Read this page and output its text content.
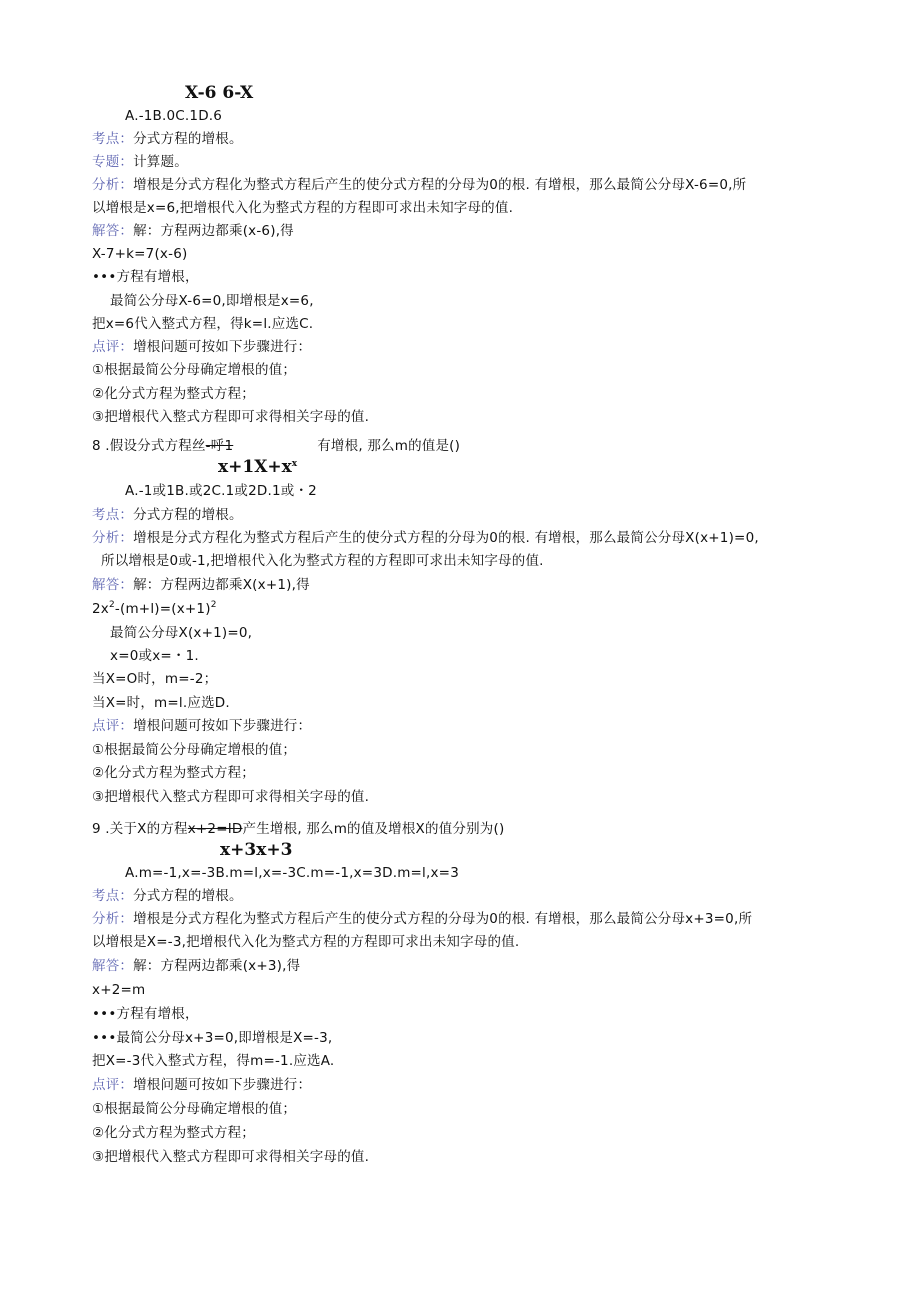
X-6 6-X
A.-1B.0C.1D.6
考点：分式方程的增根。
专题：计算题。
分析：增根是分式方程化为整式方程后产生的使分式方程的分母为0的根. 有增根，那么最简公分母X-6=0,所
以增根是x=6,把增根代入化为整式方程的方程即可求出未知字母的值.
解答：解：方程两边都乘(x-6),得
X-7+k=7(x-6)
•••方程有增根，
最简公分母X-6=0,即增根是x=6,
把x=6代入整式方程，得k=l.应选C.
点评：增根问题可按如下步骤进行：
①根据最简公分母确定增根的值；
②化分式方程为整式方程；
③把增根代入整式方程即可求得相关字母的值.
8 .假设分式方程丝-呼1	有增根, 那么m的值是()
$x+1X+x^x$
A.-1或1B.或2C.1或2D.1或・2
考点：分式方程的增根。
分析：增根是分式方程化为整式方程后产生的使分式方程的分母为0的根. 有增根，那么最简公分母X(x+1)=0,
所以增根是0或-1,把增根代入化为整式方程的方程即可求出未知字母的值.
解答：解：方程两边都乘X(x+1),得
$2x^2-(m+l)=(x+1)^2$
最简公分母X(x+1)=0,
x=0或x=・1.
当X=O时，m=-2；
当X=时，m=l.应选D.
点评：增根问题可按如下步骤进行：
①根据最简公分母确定增根的值；
②化分式方程为整式方程；
③把增根代入整式方程即可求得相关字母的值.
9 .关于X的方程x+2=ID产生增根, 那么m的值及增根X的值分别为()
x+3x+3
A.m=-1,x=-3B.m=l,x=-3C.m=-1,x=3D.m=l,x=3
考点：分式方程的增根。
分析：增根是分式方程化为整式方程后产生的使分式方程的分母为0的根. 有增根，那么最简公分母x+3=0,所
以增根是X=-3,把增根代入化为整式方程的方程即可求出未知字母的值.
解答：解：方程两边都乘(x+3),得
x+2=m
•••方程有增根，
•••最简公分母x+3=0,即增根是X=-3,
把X=-3代入整式方程，得m=-1.应选A.
点评：增根问题可按如下步骤进行：
①根据最简公分母确定增根的值；
②化分式方程为整式方程；
③把增根代入整式方程即可求得相关字母的值.
